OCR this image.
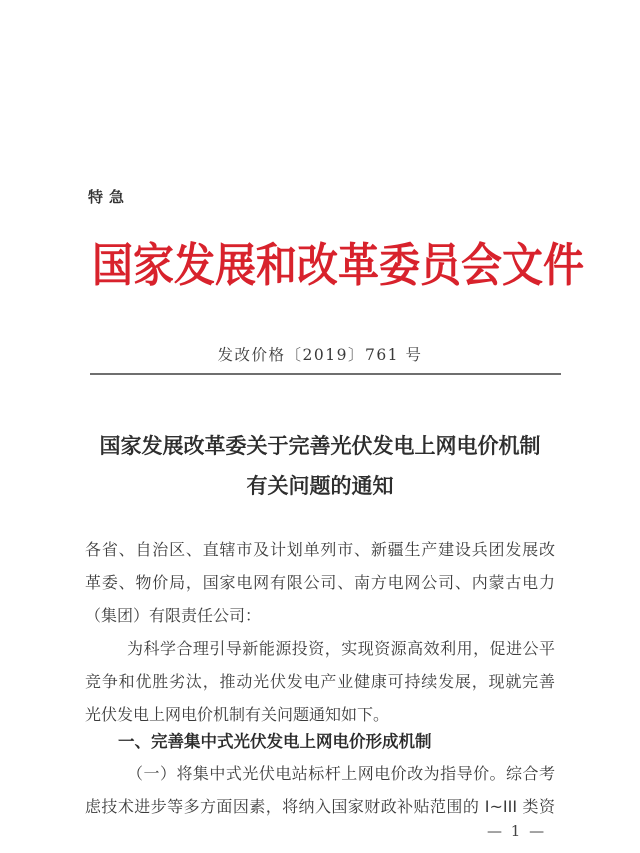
特急
国家发展和改革委员会文件
发改价格〔2019〕761 号
国家发展改革委关于完善光伏发电上网电价机制
有关问题的通知
各省、自治区、直辖市及计划单列市、新疆生产建设兵团发展改
革委、物价局，国家电网有限公司、南方电网公司、内蒙古电力
（集团）有限责任公司：
为科学合理引导新能源投资，实现资源高效利用，促进公平
竞争和优胜劣汰，推动光伏发电产业健康可持续发展，现就完善
光伏发电上网电价机制有关问题通知如下。
一、完善集中式光伏发电上网电价形成机制
（一）将集中式光伏电站标杆上网电价改为指导价。综合考
虑技术进步等多方面因素，将纳入国家财政补贴范围的 I~III 类资
— 1 —
